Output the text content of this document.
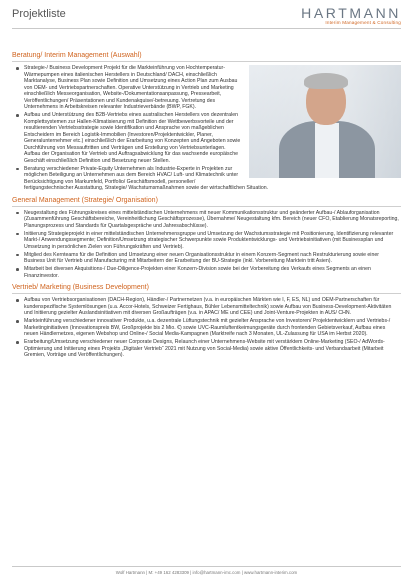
Projektliste	HARTMANN
Interim Management & Consulting
Beratung/ Interim Management (Auswahl)
Strategie-/ Business Development Projekt für die Markteinführung von Hochtemperatur-Wärmepumpen eines italienischen Herstellers in Deutschland/ DACH, einschließlich Marktanalyse, Business Plan sowie Definition und Umsetzung eines Action Plan zum Ausbau von OEM- und Vertriebspartnerschaften. Operative Unterstützung in Vertrieb und Marketing einschließlich Messeorganisation, Website-/Dokumentationsanpassung, Pressearbeit, Veröffentlichungen/ Präsentationen und Kundenakquise/-betreuung. Vertretung des Unternehmens in Arbeitskreisen relevanter Industrieverbände (BWP, FGK).
Aufbau und Unterstützung des B2B-Vertriebs eines australischen Herstellers von dezentralen Komplettsystemen zur Hallen-Klimatisierung mit Definition der Wettbewerbsvorteile und der resultierenden Vertriebsstrategie sowie Identifikation und Ansprache von maßgeblichen Entscheidern im Bereich Logistik-Immobilien (Investoren/Projektentwickler, Planer, Generalunternehmer etc.) einschließlich der Erarbeitung von Konzepten und Angeboten sowie Durchführung von Messauftritten und Verträgen und Erstellung von Vertriebsunterlagen. Aufbau der Organisation für Vertrieb und Auftragsabwicklung für das wachsende europäische Geschäft einschließlich Definition und Besetzung neuer Stellen.
Beratung verschiedener Private-Equity Unternehmen als Industrie-Experte in Projekten zur möglichen Beteiligung an Unternehmen aus dem Bereich HVAC/ Luft- und Klimatechnik unter Berücksichtigung von Markumfeld, Portfolio/ Geschäftsmodell, personeller/ fertigungstechnischer Ausstattung, Strategie/ Wachstumsmaßnahmen sowie der wirtschaftlichen Situation.
General Management (Strategie/ Organisation)
Neugestaltung des Führungskreises eines mittelständischen Unternehmens mit neuer Kommunikationsstruktur und geänderter Aufbau-/ Ablauforganisation (Zusammenführung Geschäftsbereiche, Vereinheitlichung Geschäftsprozesse), Übernahme/ Neugestaltung kfm. Bereich (neuer CFO, Etablierung Monatsreporting, Planungsprozess und Standards für Quartalsgespräche und Jahresabschlüsse).
Initiierung Strategieprojekt in einer mittelständischen Unternehmensgruppe und Umsetzung der Wachstumsstrategie mit Positionierung, Identifizierung relevanter Markt-/ Anwendungssegmente; Definition/Umsetzung strategischer Schwerpunkte sowie Produktentwicklungs- und Vertriebsinitiativen (mit Businessplan und Umsetzung in persönlichen Zielen von Führungskräften und Vertrieb).
Mitglied des Kernteams für die Definition und Umsetzung einer neuen Organisationsstruktur in einem Konzern-Segment nach Restrukturierung sowie einer Business Unit für Vertrieb und Manufacturing mit Mitarbeitern der Erarbeitung der BU-Strategie (inkl. Vorbereitung Marktein tritt Asien).
Mitarbeit bei diversen Akquisitions-/ Due-Diligence-Projekten einer Konzern-Division sowie bei der Vorbereitung des Verkaufs eines Segments an einen Finanzinvestor.
Vertrieb/ Marketing (Business Development)
Aufbau von Vertriebsorganisationen (DACH-Region), Händler-/ Partnernetzen (v.a. in europäischen Märkten wie I, F, ES, NL) und OEM-Partnerschaften für kundenspezifische Systemlösungen (u.a. Accor-Hotels, Schweizer Fertighaus, Bühler Lebensmitteltechnik) sowie Aufbau von Business-Development-Aktivitäten und Initiierung gezielter Auslandsinitiativen mit diversen Großaufträgen (v.a. in APAC/ ME und CEE) und Joint-Venture-Projekten in AUS/ CHN.
Markteinführung verschiedener innovativer Produkte, u.a. dezentrale Lüftungstechnik mit gezielter Ansprache von Investoren/ Projektentwicklern und Vertriebs-/ Marketinginitiativen (Innovationspreis BW, Großprojekte bis 2 Mio. €) sowie UVC-Raumluftentkeimungsgeräte durch frontenden Gebietsverkauf, Aufbau eines neuen Händlernetzes, eigenen Webshop und Online-/ Social Media-Kampagnen (Marktreife nach 3 Monaten, UL-Zulassung für USA im Herbst 2020).
Erarbeitung/Umsetzung verschiedener neuer Corporate Designs, Relaunch einer Unternehmens-Website mit verstärktem Online-Marketing (SEO-/ AdWords-Optimierung und Initiierung eines Projekts „Digitaler Vertrieb“ 2021 mit Nutzung von Social-Media) sowie aktive Öffentlichkeits- und Verbandsarbeit (Mitarbeit Gremien, Vorträge und Veröffentlichungen).
Wolf Hartmann | M: +49 162 4283309 | info@hartmann-imc.com | www.hartmann-interim.com
